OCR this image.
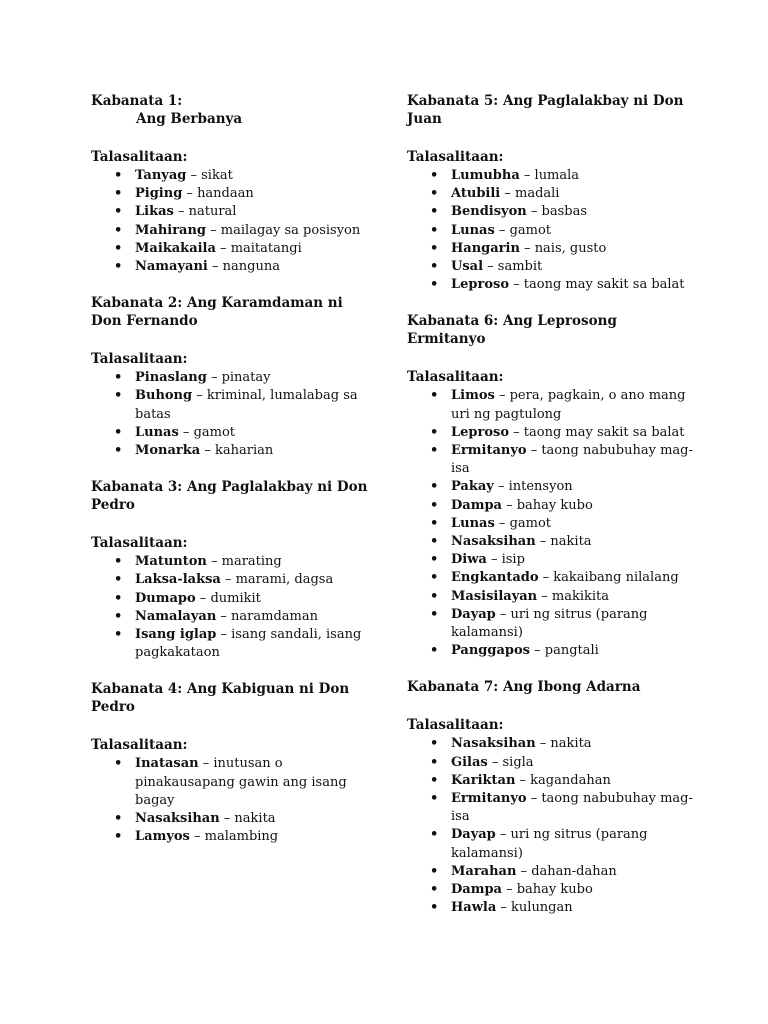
Kabanata 1:
Ang Berbanya
Talasalitaan:
• Tanyag – sikat
• Piging – handaan
• Likas – natural
• Mahirang – mailagay sa posisyon
• Maikakaila – maitatangi
• Namayani – nanguna
Kabanata 2: Ang Karamdaman ni Don Fernando
Talasalitaan:
• Pinaslang – pinatay
• Buhong – kriminal, lumalabag sa batas
• Lunas – gamot
• Monarka – kaharian
Kabanata 3: Ang Paglalakbay ni Don Pedro
Talasalitaan:
• Matunton – marating
• Laksa-laksa – marami, dagsa
• Dumapo – dumikit
• Namalayan – naramdaman
• Isang iglap – isang sandali, isang pagkakataon
Kabanata 4: Ang Kabiguan ni Don Pedro
Talasalitaan:
• Inatasan – inutusan o pinakausapang gawin ang isang bagay
• Nasaksihan – nakita
• Lamyos – malambing
Kabanata 5: Ang Paglalakbay ni Don Juan
Talasalitaan:
• Lumubha – lumala
• Atubili – madali
• Bendisyon – basbas
• Lunas – gamot
• Hangarin – nais, gusto
• Usal – sambit
• Leproso – taong may sakit sa balat
Kabanata 6: Ang Leprosong Ermitanyo
Talasalitaan:
• Limos – pera, pagkain, o ano mang uri ng pagtulong
• Leproso – taong may sakit sa balat
• Ermitanyo – taong nabubuhay mag-isa
• Pakay – intensyon
• Dampa – bahay kubo
• Lunas – gamot
• Nasaksihan – nakita
• Diwa – isip
• Engkantado – kakaibang nilalang
• Masisilayan – makikita
• Dayap – uri ng sitrus (parang kalamansi)
• Panggapos – pangtali
Kabanata 7: Ang Ibong Adarna
Talasalitaan:
• Nasaksihan – nakita
• Gilas – sigla
• Kariktan – kagandahan
• Ermitanyo – taong nabubuhay mag-isa
• Dayap – uri ng sitrus (parang kalamansi)
• Marahan – dahan-dahan
• Dampa – bahay kubo
• Hawla – kulungan
